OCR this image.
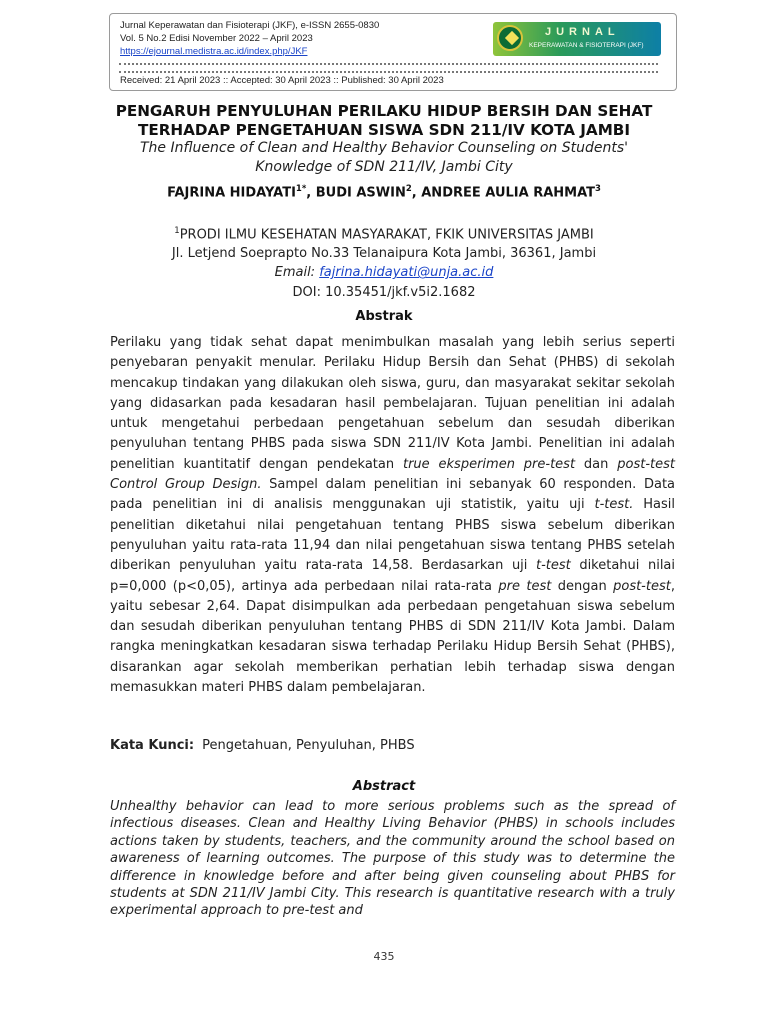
Jurnal Keperawatan dan Fisioterapi (JKF), e-ISSN 2655-0830
Vol. 5 No.2 Edisi November 2022 – April 2023
https://ejournal.medistra.ac.id/index.php/JKF
Received: 21 April 2023 :: Accepted: 30 April 2023 :: Published: 30 April 2023
JURNAL
KEPERAWATAN & FISIOTERAPI (JKF)
PENGARUH PENYULUHAN PERILAKU HIDUP BERSIH DAN SEHAT
TERHADAP PENGETAHUAN SISWA SDN 211/IV KOTA JAMBI
The Influence of Clean and Healthy Behavior Counseling on Students'
Knowledge of SDN 211/IV, Jambi City
FAJRINA $HIDAYATI^{1*}$, BUDI ASWIN$^2$, ANDREE AULIA RAHMAT$^3$
$^1$PRODI ILMU KESEHATAN MASYARAKAT, FKIK UNIVERSITAS JAMBI
Jl. Letjend Soeprapto No.33 Telanaipura Kota Jambi, 36361, Jambi
Email: fajrina.hidayati@unja.ac.id
DOI: 10.35451/jkf.v5i2.1682
Abstrak

Perilaku yang tidak sehat dapat menimbulkan masalah yang lebih serius seperti penyebaran penyakit menular. Perilaku Hidup Bersih dan Sehat (PHBS) di sekolah mencakup tindakan yang dilakukan oleh siswa, guru, dan masyarakat sekitar sekolah yang didasarkan pada kesadaran hasil pembelajaran. Tujuan penelitian ini adalah untuk mengetahui perbedaan pengetahuan sebelum dan sesudah diberikan penyuluhan tentang PHBS pada siswa SDN 211/IV Kota Jambi. Penelitian ini adalah penelitian kuantitatif dengan pendekatan true eksperimen pre-test dan post-test Control Group Design. Sampel dalam penelitian ini sebanyak 60 responden. Data pada penelitian ini di analisis menggunakan uji statistik, yaitu uji t-test. Hasil penelitian diketahui nilai pengetahuan tentang PHBS siswa sebelum diberikan penyuluhan yaitu rata-rata 11,94 dan nilai pengetahuan siswa tentang PHBS setelah diberikan penyuluhan yaitu rata-rata 14,58. Berdasarkan uji t-test diketahui nilai p=0,000 (p<0,05), artinya ada perbedaan nilai rata-rata pre test dengan post-test, yaitu sebesar 2,64. Dapat disimpulkan ada perbedaan pengetahuan siswa sebelum dan sesudah diberikan penyuluhan tentang PHBS di SDN 211/IV Kota Jambi. Dalam rangka meningkatkan kesadaran siswa terhadap Perilaku Hidup Bersih Sehat (PHBS), disarankan agar sekolah memberikan perhatian lebih terhadap siswa dengan memasukkan materi PHBS dalam pembelajaran.

Kata Kunci: Pengetahuan, Penyuluhan, PHBS
Abstract

Unhealthy behavior can lead to more serious problems such as the spread of infectious diseases. Clean and Healthy Living Behavior (PHBS) in schools includes actions taken by students, teachers, and the community around the school based on awareness of learning outcomes. The purpose of this study was to determine the difference in knowledge before and after being given counseling about PHBS for students at SDN 211/IV Jambi City. This research is quantitative research with a truly experimental approach to pre-test and

435
